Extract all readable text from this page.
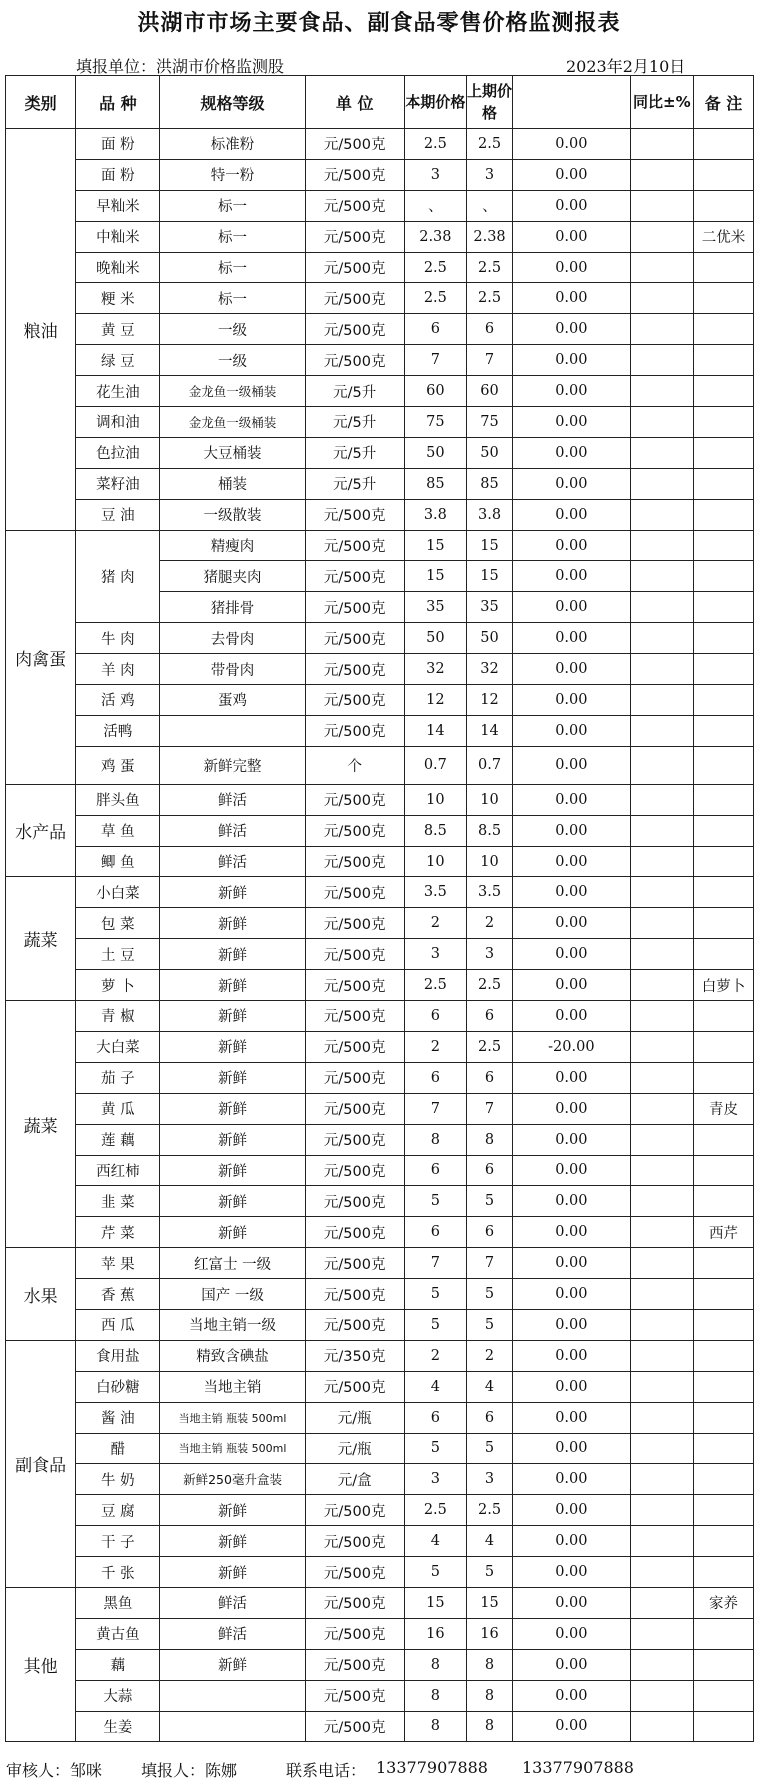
洪湖市市场主要食品、副食品零售价格监测报表
填报单位：洪湖市价格监测股	2023年2月10日
类别	品 种	规格等级	单 位	本期价格	上期价格		同比±%	备 注
粮油	面 粉	标准粉	元/500克	2.5	2.5	0.00		
	面 粉	特一粉	元/500克	3	3	0.00		
	早籼米	标一	元/500克	、	、	0.00		
	中籼米	标一	元/500克	2.38	2.38	0.00		二优米
	晚籼米	标一	元/500克	2.5	2.5	0.00		
	粳 米	标一	元/500克	2.5	2.5	0.00		
	黄 豆	一级	元/500克	6	6	0.00		
	绿 豆	一级	元/500克	7	7	0.00		
	花生油	金龙鱼一级桶装	元/5升	60	60	0.00		
	调和油	金龙鱼一级桶装	元/5升	75	75	0.00		
	色拉油	大豆桶装	元/5升	50	50	0.00		
	菜籽油	桶装	元/5升	85	85	0.00		
	豆 油	一级散装	元/500克	3.8	3.8	0.00		
肉禽蛋	猪 肉	精瘦肉	元/500克	15	15	0.00		
		猪腿夹肉	元/500克	15	15	0.00		
		猪排骨	元/500克	35	35	0.00		
	牛 肉	去骨肉	元/500克	50	50	0.00		
	羊 肉	带骨肉	元/500克	32	32	0.00		
	活 鸡	蛋鸡	元/500克	12	12	0.00		
	活鸭		元/500克	14	14	0.00		
	鸡 蛋	新鲜完整	个	0.7	0.7	0.00		
水产品	胖头鱼	鲜活	元/500克	10	10	0.00		
	草 鱼	鲜活	元/500克	8.5	8.5	0.00		
	鲫 鱼	鲜活	元/500克	10	10	0.00		
蔬菜	小白菜	新鲜	元/500克	3.5	3.5	0.00		
	包 菜	新鲜	元/500克	2	2	0.00		
	土 豆	新鲜	元/500克	3	3	0.00		
	萝 卜	新鲜	元/500克	2.5	2.5	0.00		白萝卜
蔬菜	青 椒	新鲜	元/500克	6	6	0.00		
	大白菜	新鲜	元/500克	2	2.5	-20.00		
	茄 子	新鲜	元/500克	6	6	0.00		
	黄 瓜	新鲜	元/500克	7	7	0.00		青皮
	莲 藕	新鲜	元/500克	8	8	0.00		
	西红柿	新鲜	元/500克	6	6	0.00		
	韭 菜	新鲜	元/500克	5	5	0.00		
	芹 菜	新鲜	元/500克	6	6	0.00		西芹
水果	苹 果	红富士 一级	元/500克	7	7	0.00		
	香 蕉	国产 一级	元/500克	5	5	0.00		
	西 瓜	当地主销一级	元/500克	5	5	0.00		
副食品	食用盐	精致含碘盐	元/350克	2	2	0.00		
	白砂糖	当地主销	元/500克	4	4	0.00		
	酱 油	当地主销 瓶装 500ml	元/瓶	6	6	0.00		
	醋	当地主销 瓶装 500ml	元/瓶	5	5	0.00		
	牛 奶	新鲜250毫升盒装	元/盒	3	3	0.00		
	豆 腐	新鲜	元/500克	2.5	2.5	0.00		
	干 子	新鲜	元/500克	4	4	0.00		
	千 张	新鲜	元/500克	5	5	0.00		
其他	黑鱼	鲜活	元/500克	15	15	0.00		家养
	黄古鱼	鲜活	元/500克	16	16	0.00		
	藕	新鲜	元/500克	8	8	0.00		
	大蒜		元/500克	8	8	0.00		
	生姜		元/500克	8	8	0.00		
审核人：邹咪 填报人：陈娜	联系电话： 13377907888 13377907888
